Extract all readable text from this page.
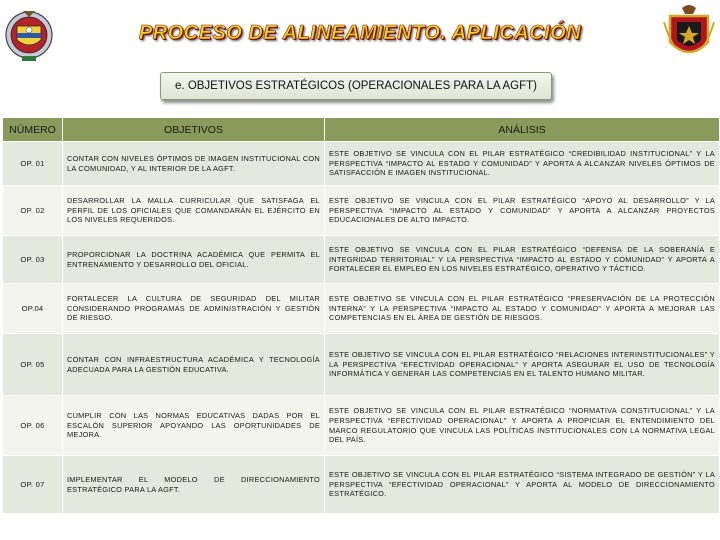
PROCESO DE ALINEAMIENTO. APLICACIÓN
e. OBJETIVOS ESTRATÉGICOS (OPERACIONALES PARA LA AGFT)
NÚMERO	OBJETIVOS	ANÁLISIS
OP. 01	CONTAR CON NIVELES ÓPTIMOS DE IMAGEN INSTITUCIONAL CON LA COMUNIDAD, Y AL INTERIOR DE LA AGFT.	ESTE OBJETIVO SE VINCULA CON EL PILAR ESTRATÉGICO “CREDIBILIDAD INSTITUCIONAL” Y LA PERSPECTIVA “IMPACTO AL ESTADO Y COMUNIDAD” Y APORTA A ALCANZAR NIVELES ÓPTIMOS DE SATISFACCIÓN E IMAGEN INSTITUCIONAL.
OP. 02	DESARROLLAR LA MALLA CURRICULAR QUE SATISFAGA EL PERFIL DE LOS OFICIALES QUE COMANDARÁN EL EJÉRCITO EN LOS NIVELES REQUERIDOS.	ESTE OBJETIVO SE VINCULA CON EL PILAR ESTRATÉGICO “APOYO AL DESARROLLO” Y LA PERSPECTIVA “IMPACTO AL ESTADO Y COMUNIDAD” Y APORTA A ALCANZAR PROYECTOS EDUCACIONALES DE ALTO IMPACTO.
OP. 03	PROPORCIONAR LA DOCTRINA ACADÉMICA QUE PERMITA EL ENTRENAMIENTO Y DESARROLLO DEL OFICIAL.	ESTE OBJETIVO SE VINCULA CON EL PILAR ESTRATÉGICO “DEFENSA DE LA SOBERANÍA E INTEGRIDAD TERRITORIAL” Y LA PERSPECTIVA “IMPACTO AL ESTADO Y COMUNIDAD” Y APORTA A FORTALECER EL EMPLEO EN LOS NIVELES ESTRATÉGICO, OPERATIVO Y TÁCTICO.
OP.04	FORTALECER LA CULTURA DE SEGURIDAD DEL MILITAR CONSIDERANDO PROGRAMAS DE ADMINISTRACIÓN Y GESTIÓN DE RIESGO.	ESTE OBJETIVO SE VINCULA CON EL PILAR ESTRATÉGICO “PRESERVACIÓN DE LA PROTECCIÓN INTERNA” Y LA PERSPECTIVA “IMPACTO AL ESTADO Y COMUNIDAD” Y APORTA A MEJORAR LAS COMPETENCIAS EN EL ÁREA DE GESTIÓN DE RIESGOS.
OP. 05	CONTAR CON INFRAESTRUCTURA ACADÉMICA Y TECNOLOGÍA ADECUADA PARA LA GESTIÓN EDUCATIVA.	ESTE OBJETIVO SE VINCULA CON EL PILAR ESTRATÉGICO “RELACIONES INTERINSTITUCIONALES” Y LA PERSPECTIVA “EFECTIVIDAD OPERACIONAL” Y APORTA ASEGURAR EL USO DE TECNOLOGÍA INFORMÁTICA Y GENERAR LAS COMPETENCIAS EN EL TALENTO HUMANO MILITAR.
OP. 06	CUMPLIR CON LAS NORMAS EDUCATIVAS DADAS POR EL ESCALÓN SUPERIOR APOYANDO LAS OPORTUNIDADES DE MEJORA.	ESTE OBJETIVO SE VINCULA CON EL PILAR ESTRATÉGICO “NORMATIVA CONSTITUCIONAL” Y LA PERSPECTIVA “EFECTIVIDAD OPERACIONAL” Y APORTA A PROPICIAR EL ENTENDIMIENTO DEL MARCO REGULATORIO QUE VINCULA LAS POLÍTICAS INSTITUCIONALES CON LA NORMATIVA LEGAL DEL PAÍS.
OP. 07	IMPLEMENTAR EL MODELO DE DIRECCIONAMIENTO ESTRATÉGICO PARA LA AGFT.	ESTE OBJETIVO SE VINCULA CON EL PILAR ESTRATÉGICO “SISTEMA INTEGRADO DE GESTIÓN” Y LA PERSPECTIVA “EFECTIVIDAD OPERACIONAL” Y APORTA AL MODELO DE DIRECCIONAMIENTO ESTRATÉGICO.
